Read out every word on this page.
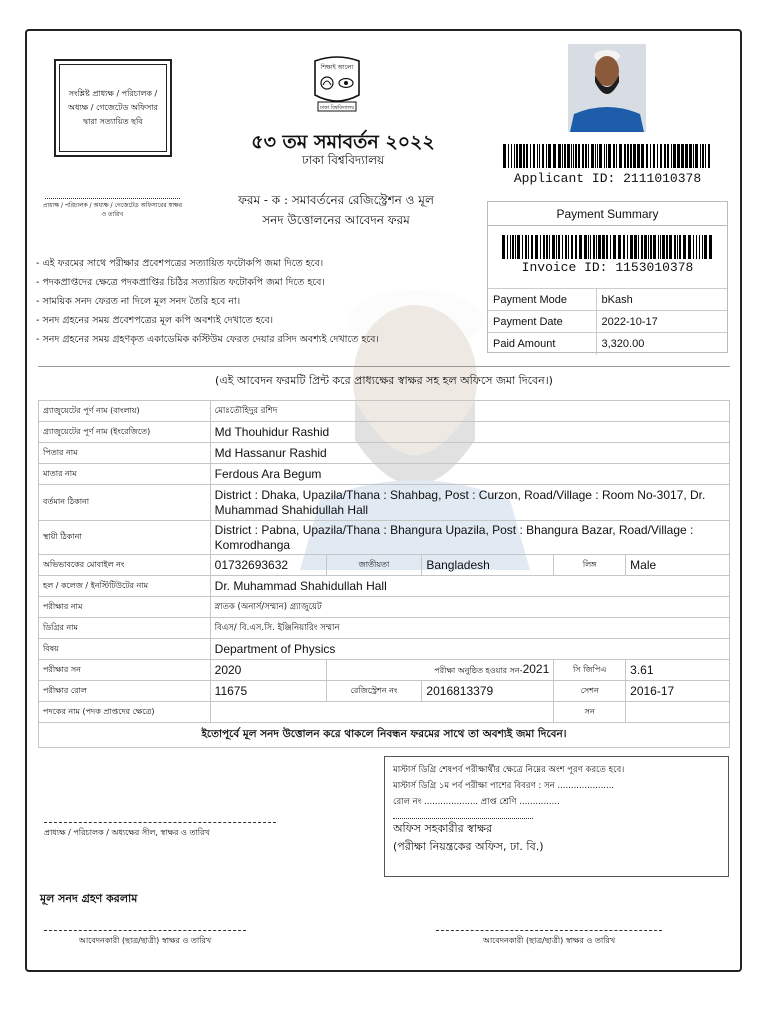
সংশ্লিষ্ট প্রাধ্যক্ষ / পরিচালক / অধ্যক্ষ / গেজেটেড অফিসার দ্বারা সত্যায়িত ছবি
শিক্ষাই আলো
ঢাকা বিশ্ববিদ্যালয়
৫৩ তম সমাবর্তন ২০২২
ঢাকা বিশ্ববিদ্যালয়
Applicant ID: 2111010378
প্রাধ্যক্ষ / পরিচালক / অধ্যক্ষ / গেজেটেড অফিসারের স্বাক্ষর ও তারিখ
ফরম - ক : সমাবর্তনের রেজিস্ট্রেশন ও মূল
সনদ উত্তোলনের আবেদন ফরম	Payment Summary
Invoice ID: 1153010378
Payment Mode	bKash
Payment Date	2022-10-17
Paid Amount	3,320.00
- এই ফরমের সাথে পরীক্ষার প্রবেশপত্রের সত্যায়িত ফটোকপি জমা দিতে হবে।
- পদকপ্রাপ্তদের ক্ষেত্রে পদকপ্রাপ্তির চিঠির সত্যায়িত ফটোকপি জমা দিতে হবে।
- সাময়িক সনদ ফেরত না দিলে মূল সনদ তৈরি হবে না।
- সনদ গ্রহনের সময় প্রবেশপত্রের মূল কপি অবশ্যই দেখাতে হবে।
- সনদ গ্রহনের সময় গ্রহণকৃত একাডেমিক কস্টিউম ফেরত দেয়ার রসিদ অবশ্যই দেখাতে হবে।
(এই আবেদন ফরমটি প্রিন্ট করে প্রাধ্যক্ষের স্বাক্ষর সহ হল অফিসে জমা দিবেন।)
গ্র্যাজুয়েটের পূর্ণ নাম (বাংলায়)	মোঃতৌহিদুর রশিদ				
গ্র্যাজুয়েটের পূর্ণ নাম (ইংরেজিতে)	Md Thouhidur Rashid				
পিতার নাম	Md Hassanur Rashid				
মাতার নাম	Ferdous Ara Begum				
বর্তমান ঠিকানা	District : Dhaka, Upazila/Thana : Shahbag, Post : Curzon, Road/Village : Room No-3017, Dr. Muhammad Shahidullah Hall				
স্থায়ী ঠিকানা	District : Pabna, Upazila/Thana : Bhangura Upazila, Post : Bhangura Bazar, Road/Village : Komrodhanga				
অভিভাবকের মোবাইল নং	01732693632	জাতীয়তা	Bangladesh	লিঙ্গ	Male
হল / কলেজ / ইনস্টিটিউটের নাম	Dr. Muhammad Shahidullah Hall				
পরীক্ষার নাম	স্নাতক (অনার্স/সম্মান) গ্র্যাজুয়েট				
ডিগ্রির নাম	বিএস/ বি.এস.সি. ইঞ্জিনিয়ারিং সম্মান				
বিষয়	Department of Physics				
পরীক্ষার সন	2020	পরীক্ষা অনুষ্ঠিত হওয়ার সন-2021		সি জিপিএ	3.61
পরীক্ষার রোল	11675	রেজিস্ট্রেশন নং	2016813379	সেশন	2016-17
পদকের নাম (পদক প্রাপ্তদের ক্ষেত্রে)				সন	
ইতোপূর্বে মূল সনদ উত্তোলন করে থাকলে নিবন্ধন ফরমের সাথে তা অবশ্যই জমা দিবেন।					
মাস্টার্স ডিগ্রি শেষপর্ব পরীক্ষার্থীর ক্ষেত্রে নিম্নের অংশ পূরণ করতে হবে।
মাস্টার্স ডিগ্রি ১ম পর্ব পরীক্ষা পাশের বিবরণ : সন .....................
রোল নং .................... প্রাপ্ত শ্রেণি ...............
অফিস সহকারীর স্বাক্ষর
(পরীক্ষা নিয়ন্ত্রকের অফিস, ঢা. বি.)
প্রাধ্যক্ষ / পরিচালক / অধ্যক্ষের সীল, স্বাক্ষর ও তারিখ
মূল সনদ গ্রহণ করলাম
আবেদনকারী (ছাত্র/ছাত্রী) স্বাক্ষর ও তারিখ	আবেদনকারী (ছাত্র/ছাত্রী) স্বাক্ষর ও তারিখ
